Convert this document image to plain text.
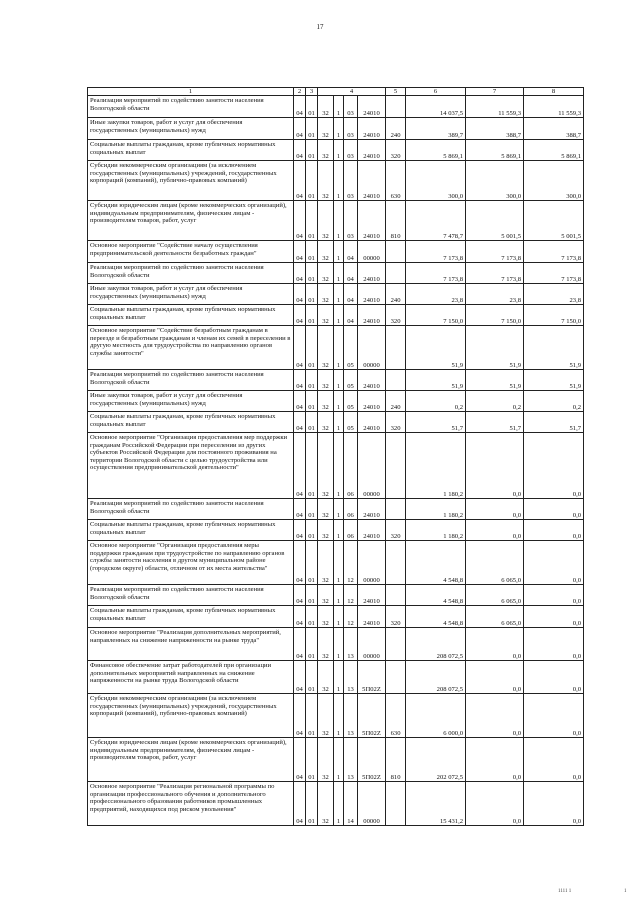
17
1	2	3	4				5	6	7	8
Реализация мероприятий по содействию занятости населения Вологодской области	04	01	32	1	03	24010		14 037,5	11 559,3	11 559,3
Иные закупки товаров, работ и услуг для обеспечения государственных (муниципальных) нужд	04	01	32	1	03	24010	240	389,7	388,7	388,7
Социальные выплаты гражданам, кроме публичных нормативных социальных выплат	04	01	32	1	03	24010	320	5 869,1	5 869,1	5 869,1
Субсидии некоммерческим организациям (за исключением государственных (муниципальных) учреждений, государственных корпораций (компаний), публично-правовых компаний)	04	01	32	1	03	24010	630	300,0	300,0	300,0
Субсидии юридическим лицам (кроме некоммерческих организаций), индивидуальным предпринимателям, физическим лицам - производителям товаров, работ, услуг	04	01	32	1	03	24010	810	7 478,7	5 001,5	5 001,5
Основное мероприятие "Содействие началу осуществления предпринимательской деятельности безработных граждан"	04	01	32	1	04	00000		7 173,8	7 173,8	7 173,8
Реализация мероприятий по содействию занятости населения Вологодской области	04	01	32	1	04	24010		7 173,8	7 173,8	7 173,8
Иные закупки товаров, работ и услуг для обеспечения государственных (муниципальных) нужд	04	01	32	1	04	24010	240	23,8	23,8	23,8
Социальные выплаты гражданам, кроме публичных нормативных социальных выплат	04	01	32	1	04	24010	320	7 150,0	7 150,0	7 150,0
Основное мероприятие "Содействие безработным гражданам в переезде и безработным гражданам и членам их семей в переселении в другую местность для трудоустройства по направлению органов службы занятости"	04	01	32	1	05	00000		51,9	51,9	51,9
Реализация мероприятий по содействию занятости населения Вологодской области	04	01	32	1	05	24010		51,9	51,9	51,9
Иные закупки товаров, работ и услуг для обеспечения государственных (муниципальных) нужд	04	01	32	1	05	24010	240	0,2	0,2	0,2
Социальные выплаты гражданам, кроме публичных нормативных социальных выплат	04	01	32	1	05	24010	320	51,7	51,7	51,7
Основное мероприятие "Организация предоставления мер поддержки гражданам Российской Федерации при переселении из других субъектов Российской Федерации для постоянного проживания на территории Вологодской области с целью трудоустройства или осуществления предпринимательской деятельности"	04	01	32	1	06	00000		1 180,2	0,0	0,0
Реализация мероприятий по содействию занятости населения Вологодской области	04	01	32	1	06	24010		1 180,2	0,0	0,0
Социальные выплаты гражданам, кроме публичных нормативных социальных выплат	04	01	32	1	06	24010	320	1 180,2	0,0	0,0
Основное мероприятие "Организация предоставления меры поддержки гражданам при трудоустройстве по направлению органов службы занятости населения в другом муниципальном районе (городском округе) области, отличном от их места жительства"	04	01	32	1	12	00000		4 548,8	6 065,0	0,0
Реализация мероприятий по содействию занятости населения Вологодской области	04	01	32	1	12	24010		4 548,8	6 065,0	0,0
Социальные выплаты гражданам, кроме публичных нормативных социальных выплат	04	01	32	1	12	24010	320	4 548,8	6 065,0	0,0
Основное мероприятие "Реализация дополнительных мероприятий, направленных на снижение напряженности на рынке труда"	04	01	32	1	13	00000		208 072,5	0,0	0,0
Финансовое обеспечение затрат работодателей при организации дополнительных мероприятий направленных на снижение напряженности на рынке труда Вологодской области	04	01	32	1	13	5П02Z		208 072,5	0,0	0,0
Субсидии некоммерческим организациям (за исключением государственных (муниципальных) учреждений, государственных корпораций (компаний), публично-правовых компаний)	04	01	32	1	13	5П02Z	630	6 000,0	0,0	0,0
Субсидии юридическим лицам (кроме некоммерческих организаций), индивидуальным предпринимателям, физическим лицам - производителям товаров, работ, услуг	04	01	32	1	13	5П02Z	810	202 072,5	0,0	0,0
Основное мероприятие "Реализация региональной программы по организации профессионального обучения и дополнительного профессионального образования работников промышленных предприятий, находящихся под риском увольнения"	04	01	32	1	14	00000		15 431,2	0,0	0,0
1111 1	1
